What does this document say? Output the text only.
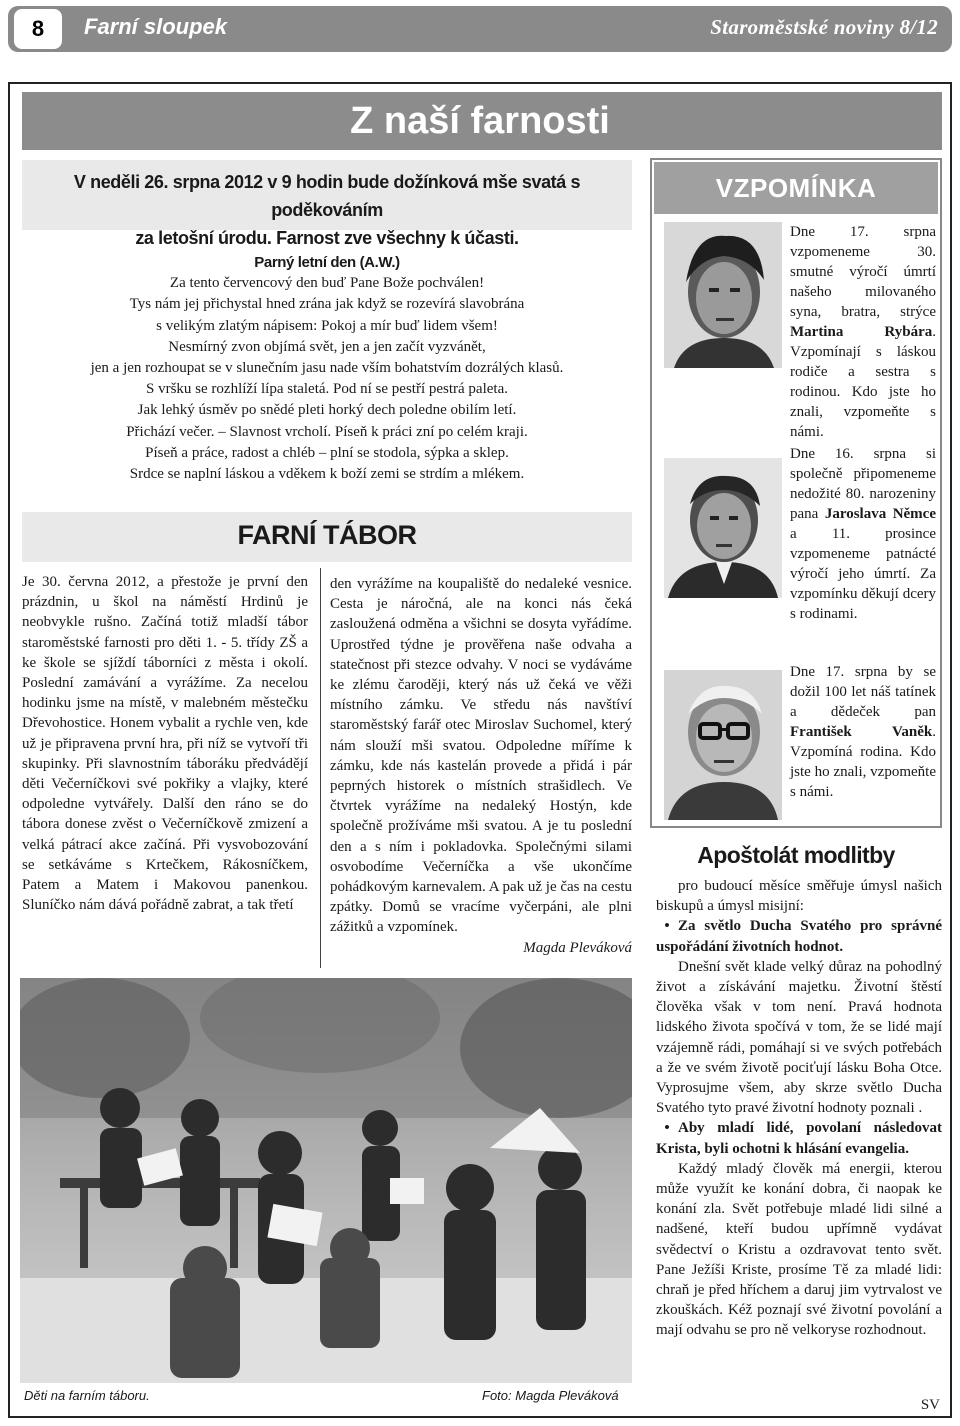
8	Farní sloupek	Staroměstské noviny 8/12
Z naší farnosti
V neděli 26. srpna 2012 v 9 hodin bude dožínková mše svatá s poděkováním
za letošní úrodu. Farnost zve všechny k účasti.
Parný letní den (A.W.)
Za tento červencový den buď Pane Bože pochválen!
Tys nám jej přichystal hned zrána jak když se rozevírá slavobrána
s velikým zlatým nápisem: Pokoj a mír buď lidem všem!
Nesmírný zvon objímá svět, jen a jen začít vyzvánět,
jen a jen rozhoupat se v slunečním jasu nade vším bohatstvím dozrálých klasů.
S vršku se rozhlíží lípa staletá. Pod ní se pestří pestrá paleta.
Jak lehký úsměv po snědé pleti horký dech poledne obilím letí.
Přichází večer. – Slavnost vrcholí. Píseň k práci zní po celém kraji.
Píseň a práce, radost a chléb – plní se stodola, sýpka a sklep.
Srdce se naplní láskou a vděkem k boží zemi se strdím a mlékem.
FARNÍ TÁBOR

Je 30. června 2012, a přestože je první den prázdnin, u škol na náměstí Hrdinů je neobvykle rušno. Začíná totiž mladší tábor staroměstské farnosti pro děti 1. - 5. třídy ZŠ a ke škole se sjíždí táborníci z města i okolí. Poslední zamávání a vyrážíme. Za necelou hodinku jsme na místě, v malebném městečku Dřevohostice. Honem vybalit a rychle ven, kde už je připravena první hra, při níž se vytvoří tři skupinky. Při slavnostním táboráku předvádějí děti Večerníčkovi své pokřiky a vlajky, které odpoledne vytvářely. Další den ráno se do tábora donese zvěst o Večerníčkově zmizení a velká pátrací akce začíná. Při vysvobozování se setkáváme s Krtečkem, Rákosníčkem, Patem a Matem i Makovou panenkou. Sluníčko nám dává pořádně zabrat, a tak třetí

den vyrážíme na koupaliště do nedaleké vesnice. Cesta je náročná, ale na konci nás čeká zasloužená odměna a všichni se dosyta vyřádíme. Uprostřed týdne je prověřena naše odvaha a statečnost při stezce odvahy. V noci se vydáváme ke zlému čaroději, který nás už čeká ve věži místního zámku. Ve středu nás navštíví staroměstský farář otec Miroslav Suchomel, který nám slouží mši svatou. Odpoledne míříme k zámku, kde nás kastelán provede a přidá i pár peprných historek o místních strašidlech. Ve čtvrtek vyrážíme na nedaleký Hostýn, kde společně prožíváme mši svatou. A je tu poslední den a s ním i pokladovka. Společnými silami osvobodíme Večerníčka a vše ukončíme pohádkovým karnevalem. A pak už je čas na cestu zpátky. Domů se vracíme vyčerpáni, ale plni zážitků a vzpomínek.

Magda Pleváková

Děti na farním táboru.	Foto: Magda Pleváková
VZPOMÍNKA
Dne 17. srpna vzpomeneme 30. smutné výročí úmrtí našeho milovaného syna, bratra, strýce Martina Rybára. Vzpomínají s láskou rodiče a sestra s rodinou. Kdo jste ho znali, vzpomeňte s námi.
Dne 16. srpna si společně připomeneme nedožité 80. narozeniny pana Jaroslava Němce a 11. prosince vzpomeneme patnácté výročí jeho úmrtí. Za vzpomínku děkují dcery s rodinami.
Dne 17. srpna by se dožil 100 let náš tatínek a dědeček pan František Vaněk. Vzpomíná rodina. Kdo jste ho znali, vzpomeňte s námi.
Apoštolát modlitby

pro budoucí měsíce směřuje úmysl našich biskupů a úmysl misijní:

• Za světlo Ducha Svatého pro správné uspořádání životních hodnot.

Dnešní svět klade velký důraz na pohodlný život a získávání majetku. Životní štěstí člověka však v tom není. Pravá hodnota lidského života spočívá v tom, že se lidé mají vzájemně rádi, pomáhají si ve svých potřebách a že ve svém životě pociťují lásku Boha Otce. Vyprosujme všem, aby skrze světlo Ducha Svatého tyto pravé životní hodnoty poznali .

• Aby mladí lidé, povolaní následovat Krista, byli ochotni k hlásání evangelia.

Každý mladý člověk má energii, kterou může využít ke konání dobra, či naopak ke konání zla. Svět potřebuje mladé lidi silné a nadšené, kteří budou upřímně vydávat svědectví o Kristu a ozdravovat tento svět. Pane Ježíši Kriste, prosíme Tě za mladé lidi: chraň je před hříchem a daruj jim vytrvalost ve zkouškách. Kéž poznají své životní povolání a mají odvahu se pro ně velkoryse rozhodnout.

SV
